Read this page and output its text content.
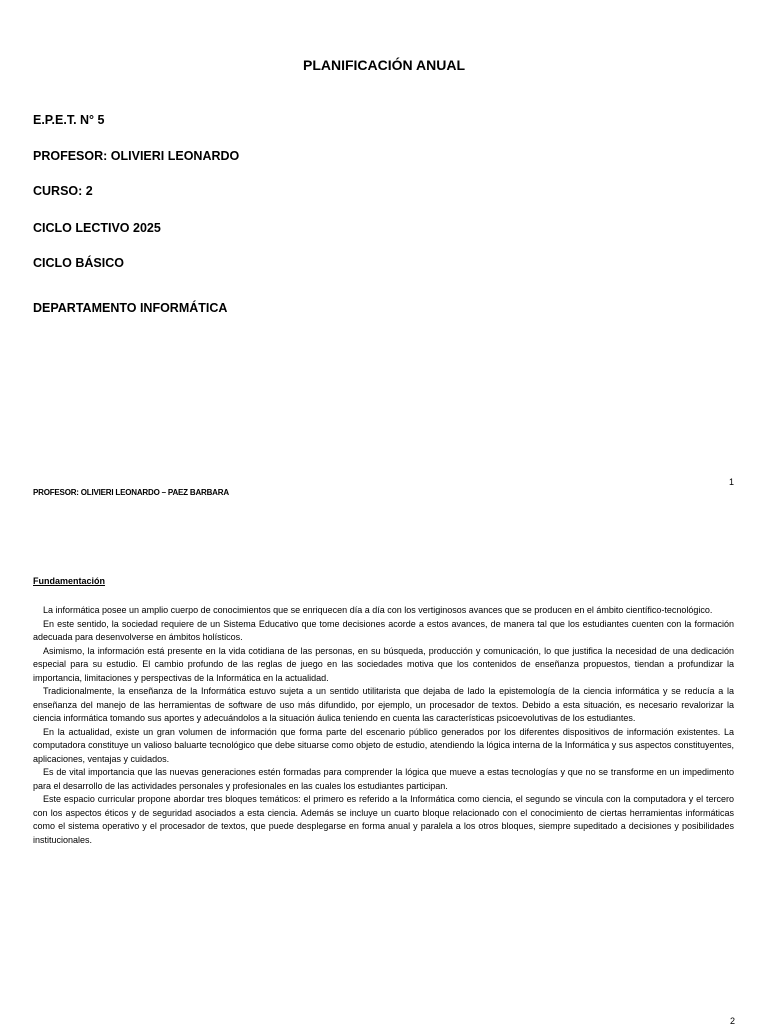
PLANIFICACIÓN ANUAL
E.P.E.T. N° 5
PROFESOR: OLIVIERI LEONARDO
CURSO: 2
CICLO LECTIVO 2025
CICLO BÁSICO
DEPARTAMENTO INFORMÁTICA
1
PROFESOR: OLIVIERI LEONARDO – PAEZ BARBARA
Fundamentación

La informática posee un amplio cuerpo de conocimientos que se enriquecen día a día con los vertiginosos avances que se producen en el ámbito científico-tecnológico.

En este sentido, la sociedad requiere de un Sistema Educativo que tome decisiones acorde a estos avances, de manera tal que los estudiantes cuenten con la formación adecuada para desenvolverse en ámbitos holísticos.

Asimismo, la información está presente en la vida cotidiana de las personas, en su búsqueda, producción y comunicación, lo que justifica la necesidad de una dedicación especial para su estudio. El cambio profundo de las reglas de juego en las sociedades motiva que los contenidos de enseñanza propuestos, tiendan a profundizar la importancia, limitaciones y perspectivas de la Informática en la actualidad.

Tradicionalmente, la enseñanza de la Informática estuvo sujeta a un sentido utilitarista que dejaba de lado la epistemología de la ciencia informática y se reducía a la enseñanza del manejo de las herramientas de software de uso más difundido, por ejemplo, un procesador de textos. Debido a esta situación, es necesario revalorizar la ciencia informática tomando sus aportes y adecuándolos a la situación áulica teniendo en cuenta las características psicoevolutivas de los estudiantes.

En la actualidad, existe un gran volumen de información que forma parte del escenario público generados por los diferentes dispositivos de información existentes. La computadora constituye un valioso baluarte tecnológico que debe situarse como objeto de estudio, atendiendo la lógica interna de la Informática y sus aspectos constituyentes, aplicaciones, ventajas y cuidados.

Es de vital importancia que las nuevas generaciones estén formadas para comprender la lógica que mueve a estas tecnologías y que no se transforme en un impedimento para el desarrollo de las actividades personales y profesionales en las cuales los estudiantes participan.

Este espacio curricular propone abordar tres bloques temáticos: el primero es referido a la Informática como ciencia, el segundo se vincula con la computadora y el tercero con los aspectos éticos y de seguridad asociados a esta ciencia. Además se incluye un cuarto bloque relacionado con el conocimiento de ciertas herramientas informáticas como el sistema operativo y el procesador de textos, que puede desplegarse en forma anual y paralela a los otros bloques, siempre supeditado a decisiones y posibilidades institucionales.

2
